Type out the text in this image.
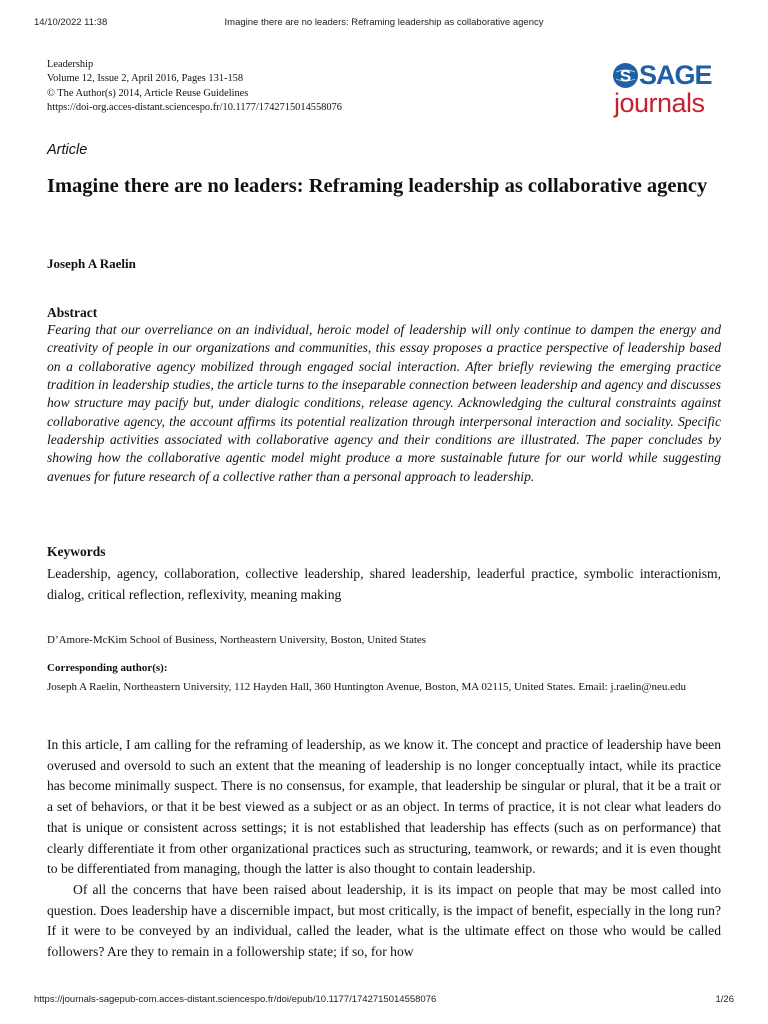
14/10/2022 11:38	Imagine there are no leaders: Reframing leadership as collaborative agency
Leadership
Volume 12, Issue 2, April 2016, Pages 131-158
© The Author(s) 2014, Article Reuse Guidelines
https://doi-org.acces-distant.sciencespo.fr/10.1177/1742715014558076
S SAGE
journals
Article
Imagine there are no leaders: Reframing leadership as collaborative agency
Joseph A Raelin
Abstract

Fearing that our overreliance on an individual, heroic model of leadership will only continue to dampen the energy and creativity of people in our organizations and communities, this essay proposes a practice perspective of leadership based on a collaborative agency mobilized through engaged social interaction. After briefly reviewing the emerging practice tradition in leadership studies, the article turns to the inseparable connection between leadership and agency and discusses how structure may pacify but, under dialogic conditions, release agency. Acknowledging the cultural constraints against collaborative agency, the account affirms its potential realization through interpersonal interaction and sociality. Specific leadership activities associated with collaborative agency and their conditions are illustrated. The paper concludes by showing how the collaborative agentic model might produce a more sustainable future for our world while suggesting avenues for future research of a collective rather than a personal approach to leadership.

Keywords

Leadership, agency, collaboration, collective leadership, shared leadership, leaderful practice, symbolic interactionism, dialog, critical reflection, reflexivity, meaning making

D’Amore-McKim School of Business, Northeastern University, Boston, United States
Corresponding author(s):

Joseph A Raelin, Northeastern University, 112 Hayden Hall, 360 Huntington Avenue, Boston, MA 02115, United States. Email: j.raelin@neu.edu

In this article, I am calling for the reframing of leadership, as we know it. The concept and practice of leadership have been overused and oversold to such an extent that the meaning of leadership is no longer conceptually intact, while its practice has become minimally suspect. There is no consensus, for example, that leadership be singular or plural, that it be a trait or a set of behaviors, or that it be best viewed as a subject or as an object. In terms of practice, it is not clear what leaders do that is unique or consistent across settings; it is not established that leadership has effects (such as on performance) that clearly differentiate it from other organizational practices such as structuring, teamwork, or rewards; and it is even thought to be differentiated from managing, though the latter is also thought to contain leadership.

Of all the concerns that have been raised about leadership, it is its impact on people that may be most called into question. Does leadership have a discernible impact, but most critically, is the impact of benefit, especially in the long run? If it were to be conveyed by an individual, called the leader, what is the ultimate effect on those who would be called followers? Are they to remain in a followership state; if so, for how

https://journals-sagepub-com.acces-distant.sciencespo.fr/doi/epub/10.1177/1742715014558076	1/26
